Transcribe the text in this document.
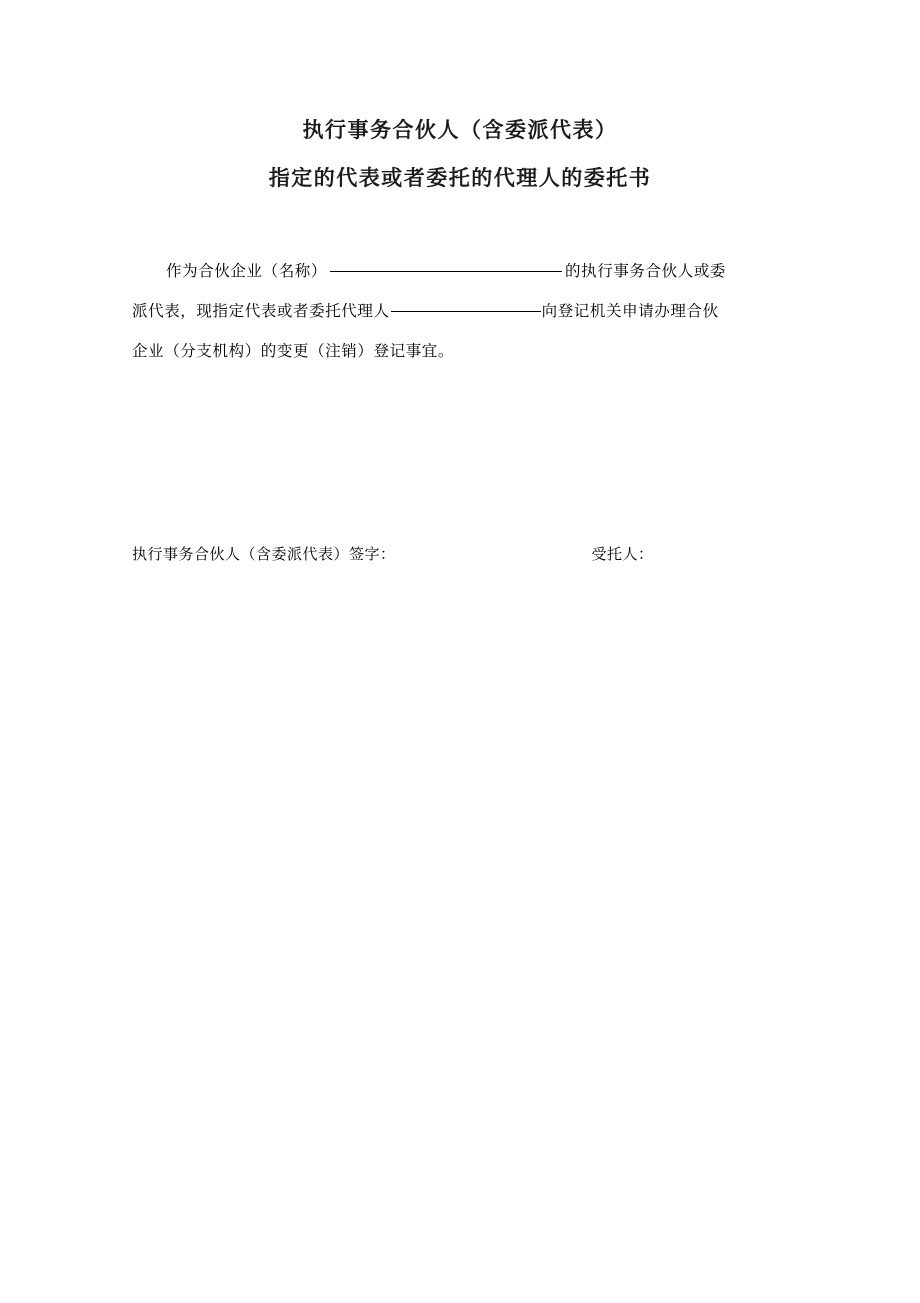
执行事务合伙人（含委派代表）
指定的代表或者委托的代理人的委托书
作为合伙企业（名称）	的执行事务合伙人或委
派代表，现指定代表或者委托代理人	向登记机关申请办理合伙
企业（分支机构）的变更（注销）登记事宜。
执行事务合伙人（含委派代表）签字：	受托人：
